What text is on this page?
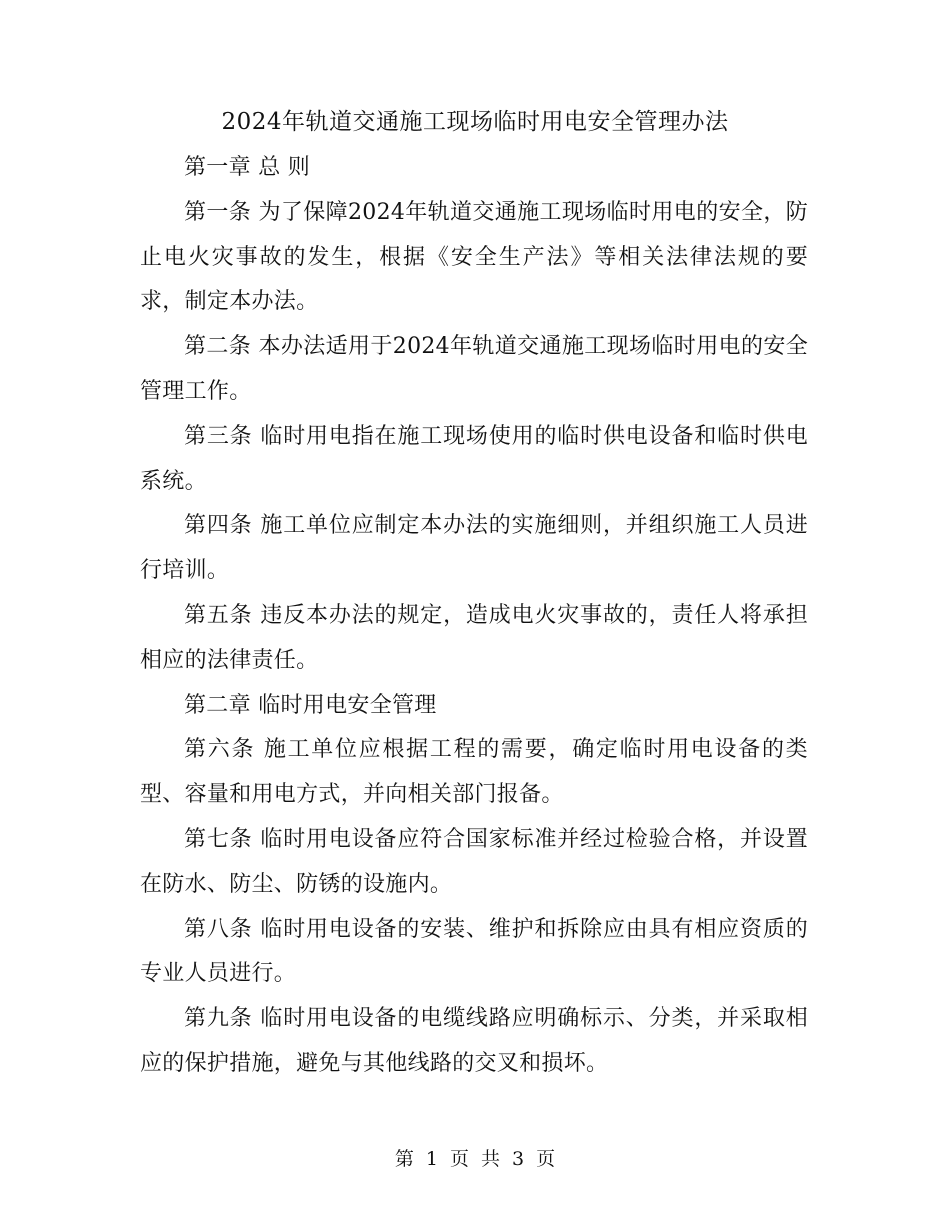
2024年轨道交通施工现场临时用电安全管理办法

第一章 总 则

第一条 为了保障2024年轨道交通施工现场临时用电的安全，防止电火灾事故的发生，根据《安全生产法》等相关法律法规的要求，制定本办法。

第二条 本办法适用于2024年轨道交通施工现场临时用电的安全管理工作。

第三条 临时用电指在施工现场使用的临时供电设备和临时供电系统。

第四条 施工单位应制定本办法的实施细则，并组织施工人员进行培训。

第五条 违反本办法的规定，造成电火灾事故的，责任人将承担相应的法律责任。

第二章 临时用电安全管理

第六条 施工单位应根据工程的需要，确定临时用电设备的类型、容量和用电方式，并向相关部门报备。

第七条 临时用电设备应符合国家标准并经过检验合格，并设置在防水、防尘、防锈的设施内。

第八条 临时用电设备的安装、维护和拆除应由具有相应资质的专业人员进行。

第九条 临时用电设备的电缆线路应明确标示、分类，并采取相应的保护措施，避免与其他线路的交叉和损坏。

第 1 页 共 3 页
